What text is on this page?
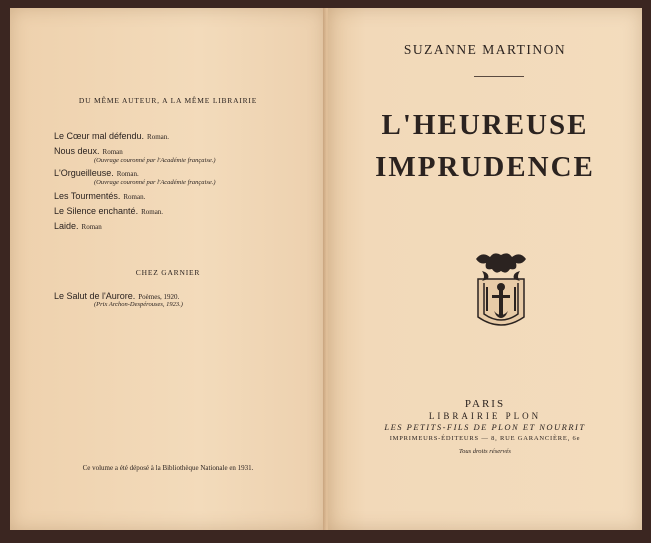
DU MÊME AUTEUR, A LA MÊME LIBRAIRIE
Le Cœur mal défendu. Roman.
Nous deux. Roman
(Ouvrage couronné par l'Académie française.)
L'Orgueilleuse. Roman.
(Ouvrage couronné par l'Académie française.)
Les Tourmentés. Roman.
Le Silence enchanté. Roman.
Laide. Roman
CHEZ GARNIER
Le Salut de l'Aurore. Poèmes, 1920.
(Prix Archon-Despérouses, 1923.)
Ce volume a été déposé à la Bibliothèque Nationale en 1931.
SUZANNE MARTINON
L'HEUREUSE
IMPRUDENCE
PARIS
LIBRAIRIE PLON
LES PETITS-FILS DE PLON ET NOURRIT
IMPRIMEURS-ÉDITEURS — 8, RUE GARANCIÈRE, 6e
Tous droits réservés
